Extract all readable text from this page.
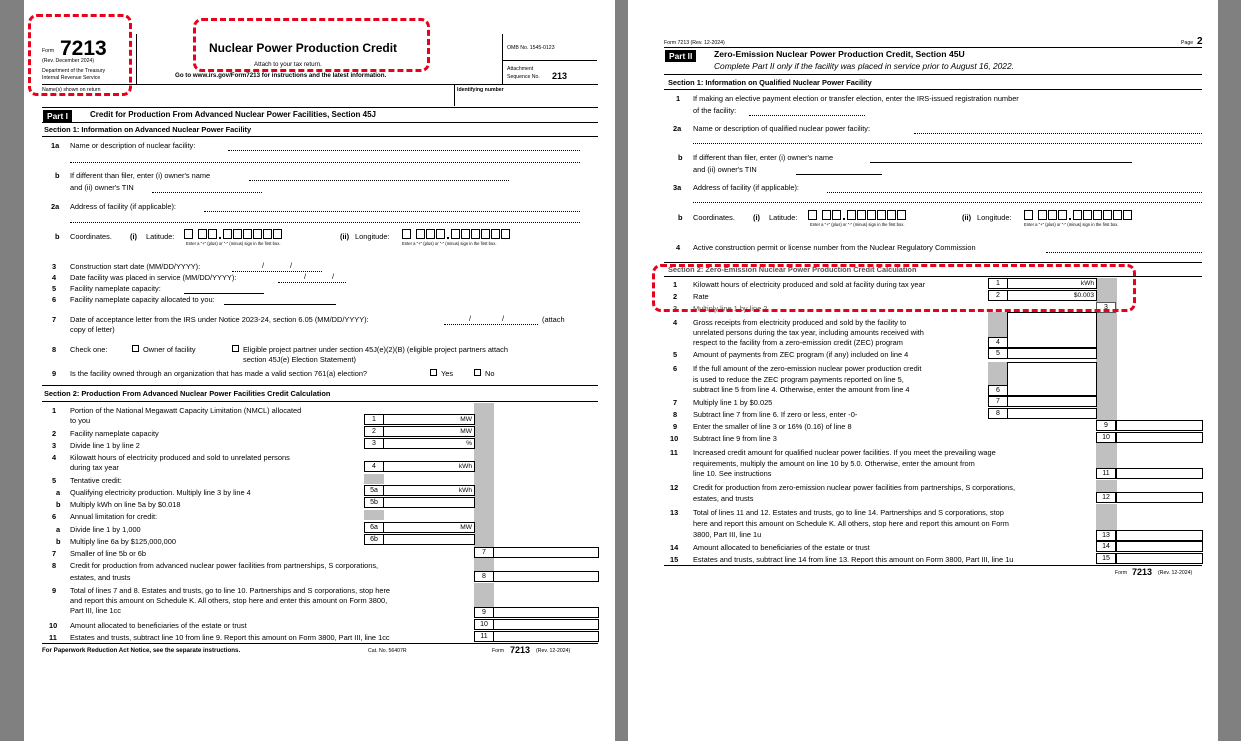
Form 7213
(Rev. December 2024)
Department of the Treasury
Internal Revenue Service
Nuclear Power Production Credit
Attach to your tax return.
Go to www.irs.gov/Form7213 for instructions and the latest information.
OMB No. 1545-0123
Attachment
Sequence No. 213
Name(s) shown on return	Identifying number
Part I	Credit for Production From Advanced Nuclear Power Facilities, Section 45J
Section 1: Information on Advanced Nuclear Power Facility
1a Name or description of nuclear facility:
b If different than filer, enter (i) owner's name
and (ii) owner's TIN
2a Address of facility (if applicable):
b Coordinates. (i) Latitude:
Enter a "+" (plus) or "-" (minus) sign in the first box.
(ii) Longitude:
Enter a "+" (plus) or "-" (minus) sign in the first box.
3 Construction start date (MM/DD/YYYY):	/	/
4 Date facility was placed in service (MM/DD/YYYY):	/	/
5 Facility nameplate capacity:
6 Facility nameplate capacity allocated to you:
7 Date of acceptance letter from the IRS under Notice 2023-24, section 6.05 (MM/DD/YYYY):	/	/	(attach
copy of letter)
8 Check one:	Owner of facility	Eligible project partner under section 45J(e)(2)(B) (eligible project partners attach
section 45J(e) Election Statement)
9 Is the facility owned through an organization that has made a valid section 761(a) election?	Yes	No
Section 2: Production From Advanced Nuclear Power Facilities Credit Calculation
1 Portion of the National Megawatt Capacity Limitation (NMCL) allocated
to you	1	MW
2 Facility nameplate capacity	2	MW
3 Divide line 1 by line 2	3	%
4 Kilowatt hours of electricity produced and sold to unrelated persons
during tax year	4	kWh
5 Tentative credit:
a Qualifying electricity production. Multiply line 3 by line 4	5a	kWh
b Multiply kWh on line 5a by $0.018	5b
6 Annual limitation for credit:
a Divide line 1 by 1,000	6a	MW
b Multiply line 6a by $125,000,000	6b
7 Smaller of line 5b or 6b	7
8 Credit for production from advanced nuclear power facilities from partnerships, S corporations,
estates, and trusts	8
9 Total of lines 7 and 8. Estates and trusts, go to line 10. Partnerships and S corporations, stop here
and report this amount on Schedule K. All others, stop here and enter this amount on Form 3800,
Part III, line 1cc	9
10 Amount allocated to beneficiaries of the estate or trust	10
11 Estates and trusts, subtract line 10 from line 9. Report this amount on Form 3800, Part III, line 1cc	11
For Paperwork Reduction Act Notice, see the separate instructions.	Cat. No. 56407R	Form 7213 (Rev. 12-2024)
Form 7213 (Rev. 12-2024)	Page 2
Part II	Zero-Emission Nuclear Power Production Credit, Section 45U
Complete Part II only if the facility was placed in service prior to August 16, 2022.
Section 1: Information on Qualified Nuclear Power Facility
1 If making an elective payment election or transfer election, enter the IRS-issued registration number
of the facility:
2a Name or description of qualified nuclear power facility:
b If different than filer, enter (i) owner's name
and (ii) owner's TIN
3a Address of facility (if applicable):
b Coordinates. (i) Latitude:
Enter a "+" (plus) or "-" (minus) sign in the first box.
(ii) Longitude:
Enter a "+" (plus) or "-" (minus) sign in the first box.
4 Active construction permit or license number from the Nuclear Regulatory Commission
Section 2: Zero-Emission Nuclear Power Production Credit Calculation
1 Kilowatt hours of electricity produced and sold at facility during tax year	1	kWh
2 Rate	2	$0.003
3 Multiply line 1 by line 2	3
4 Gross receipts from electricity produced and sold by the facility to
unrelated persons during the tax year, including amounts received with
respect to the facility from a zero-emission credit (ZEC) program	4
5 Amount of payments from ZEC program (if any) included on line 4	5
6 If the full amount of the zero-emission nuclear power production credit
is used to reduce the ZEC program payments reported on line 5,
subtract line 5 from line 4. Otherwise, enter the amount from line 4	6
7 Multiply line 1 by $0.025	7
8 Subtract line 7 from line 6. If zero or less, enter -0-	8
9 Enter the smaller of line 3 or 16% (0.16) of line 8	9
10 Subtract line 9 from line 3	10
11 Increased credit amount for qualified nuclear power facilities. If you meet the prevailing wage
requirements, multiply the amount on line 10 by 5.0. Otherwise, enter the amount from
line 10. See instructions	11
12 Credit for production from zero-emission nuclear power facilities from partnerships, S corporations,
estates, and trusts	12
13 Total of lines 11 and 12. Estates and trusts, go to line 14. Partnerships and S corporations, stop
here and report this amount on Schedule K. All others, stop here and report this amount on Form
3800, Part III, line 1u	13
14 Amount allocated to beneficiaries of the estate or trust	14
15 Estates and trusts, subtract line 14 from line 13. Report this amount on Form 3800, Part III, line 1u	15
Form 7213 (Rev. 12-2024)
